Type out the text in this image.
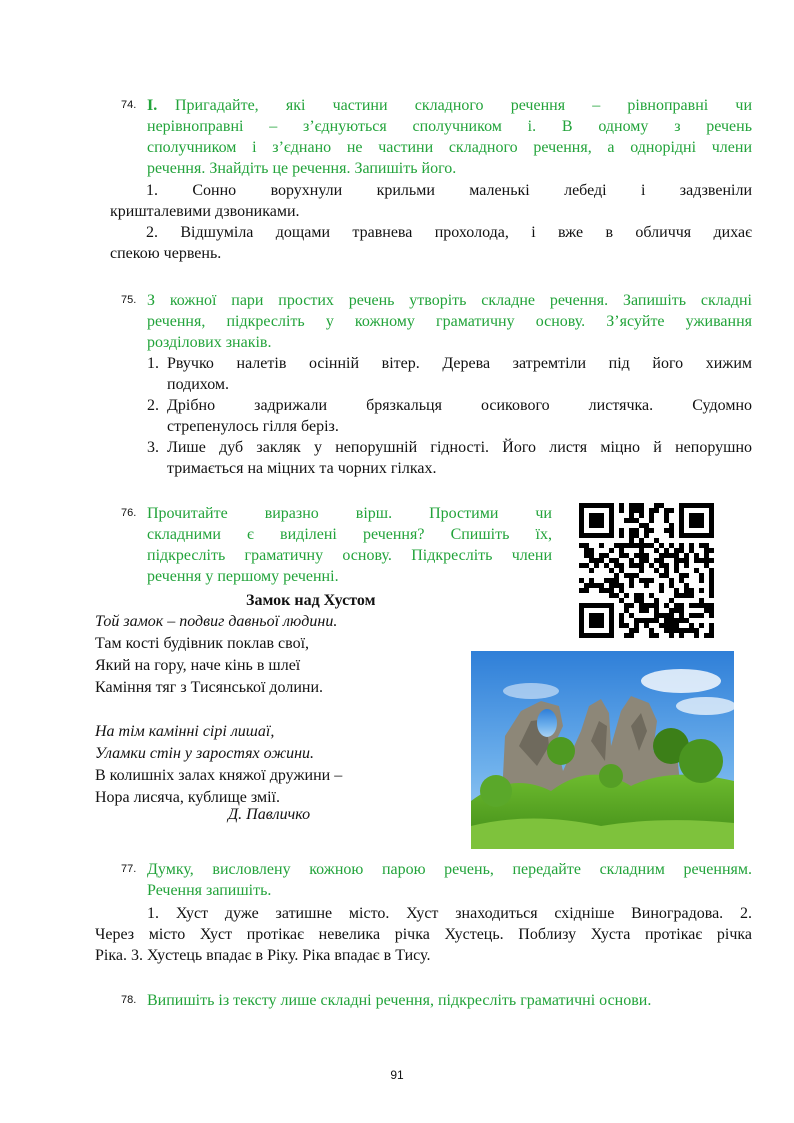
74. I.	Пригадайте, які частини складного речення – рівноправні чи
нерівноправні – з’єднуються сполучником і. В одному з речень
сполучником і з’єднано не частини складного речення, а однорідні члени
речення. Знайдіть це речення. Запишіть його.
1. Сонно ворухнули крильми маленькі лебеді і задзвеніли
кришталевими дзвониками.
2. Відшуміла дощами травнева прохолода, і вже в обличчя дихає
спекою червень.
75. З кожної пари простих речень утворіть складне речення. Запишіть складні
речення, підкресліть у кожному граматичну основу. З’ясуйте уживання
розділових знаків.
1. Рвучко налетів осінній вітер. Дерева затремтіли під його хижим
подихом.
2. Дрібно задрижали брязкальця осикового листячка. Судомно
стрепенулось гілля беріз.
3. Лише дуб закляк у непорушній гідності. Його листя міцно й непорушно
тримається на міцних та чорних гілках.
76. Прочитайте виразно вірш. Простими чи
складними є виділені речення? Спишіть їх,
підкресліть граматичну основу. Підкресліть члени
речення у першому реченні.
Замок над Хустом
Той замок – подвиг давньої людини.
Там кості будівник поклав свої,
Який на гору, наче кінь в шлеї
Каміння тяг з Тисянської долини.
На тім камінні сірі лишаї,
Уламки стін у заростях ожини.
В колишніх залах княжої дружини –
Нора лисяча, кублище змії.
Д. Павличко
77. Думку, висловлену кожною парою речень, передайте складним реченням.
Речення запишіть.
1. Хуст дуже затишне місто. Хуст знаходиться східніше Виноградова. 2.
Через місто Хуст протікає невелика річка Хустець. Поблизу Хуста протікає річка
Ріка. 3. Хустець впадає в Ріку. Ріка впадає в Тису.
78. Випишіть із тексту лише складні речення, підкресліть граматичні основи.
91
